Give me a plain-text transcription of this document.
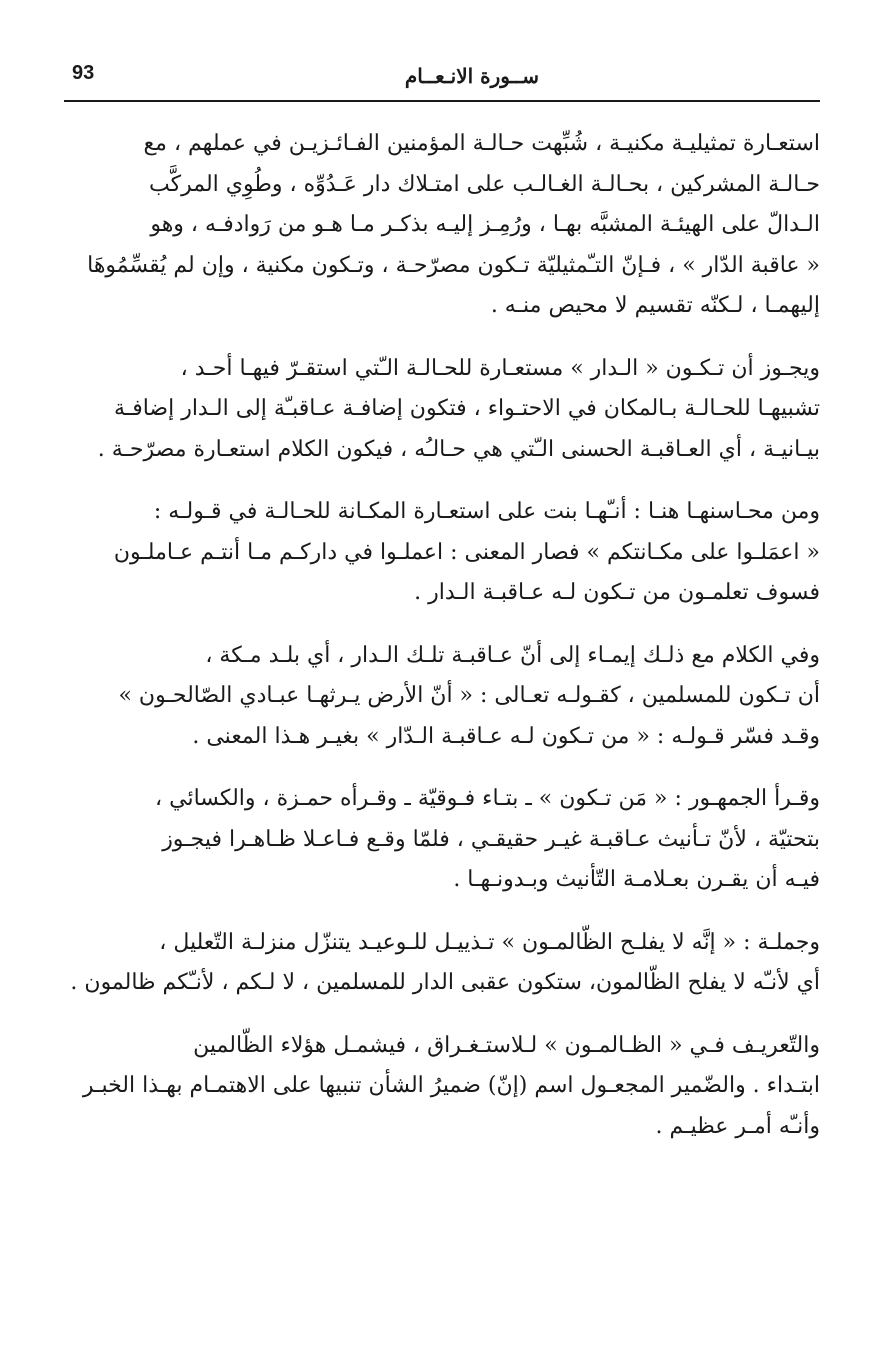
93	ســورة الانـعــام

استعـارة تمثيليـة مكنيـة ، شُبِّهت حـالـة المؤمنين الفـائـزيـن في عملهم ، مع

حـالـة المشركين ، بحـالـة الغـالـب على امتـلاك دار عَـدُوِّه ، وطُوِي المركَّب

الـدالّ على الهيئـة المشبَّه بهـا ، ورُمِـز إليـه بذكـر مـا هـو من رَوادفـه ، وهو

« عاقبة الدّار » ، فـإنّ التـّمثيليّة تـكون مصرّحـة ، وتـكون مكنية ، وإن لم يُقسِّمُوهَا

إليهمـا ، لـكنّه تقسيم لا محيص منـه .

ويجـوز أن تـكـون « الـدار » مستعـارة للحـالـة الـّتي استقـرّ فيهـا أحـد ،

تشبيهـا للحـالـة بـالمكان في الاحتـواء ، فتكون إضافـة عـاقبـّة إلى الـدار إضافـة

بيـانيـة ، أي العـاقبـة الحسنى الـّتي هي حـالـُه ، فيكون الكلام استعـارة مصرّحـة .

ومن محـاسنهـا هنـا : أنـّهـا بنت على استعـارة المكـانة للحـالـة في قـولـه :

« اعمَلـوا على مكـانتكم » فصار المعنى : اعملـوا في داركـم مـا أنتـم عـاملـون

فسوف تعلمـون من تـكون لـه عـاقبـة الـدار .

وفي الكلام مع ذلـك إيمـاء إلى أنّ عـاقبـة تلـك الـدار ، أي بلـد مـكة ،

أن تـكون للمسلمين ، كقـولـه تعـالى : « أنّ الأرض يـرثهـا عبـادي الصّالحـون »

وقـد فسّر قـولـه : « من تـكون لـه عـاقبـة الـدّار » بغيـر هـذا المعنى .

وقـرأ الجمهـور : « مَن تـكون » ـ بتـاء فـوقيّة ـ وقـرأه حمـزة ، والكسائي ،

بتحتيّة ، لأنّ تـأنيث عـاقبـة غيـر حقيقـي ، فلمّا وقـع فـاعـلا ظـاهـرا فيجـوز

فيـه أن يقـرن بعـلامـة التّأنيث وبـدونـهـا .

وجملـة : « إنَّه لا يفلـح الظّالمـون » تـذييـل للـوعيـد يتنزّل منزلـة التّعليل ،

أي لأنـّه لا يفلح الظّالمون، ستكون عقبى الدار للمسلمين ، لا لـكم ، لأنـّكم ظالمون .

والتّعريـف فـي « الظـالمـون » لـلاستـغـراق ، فيشمـل هؤلاء الظّالمين

ابتـداء . والضّمير المجعـول اسم (إنّ) ضميرُ الشأن تنبيها على الاهتمـام بهـذا الخبـر

وأنـّه أمـر عظيـم .
